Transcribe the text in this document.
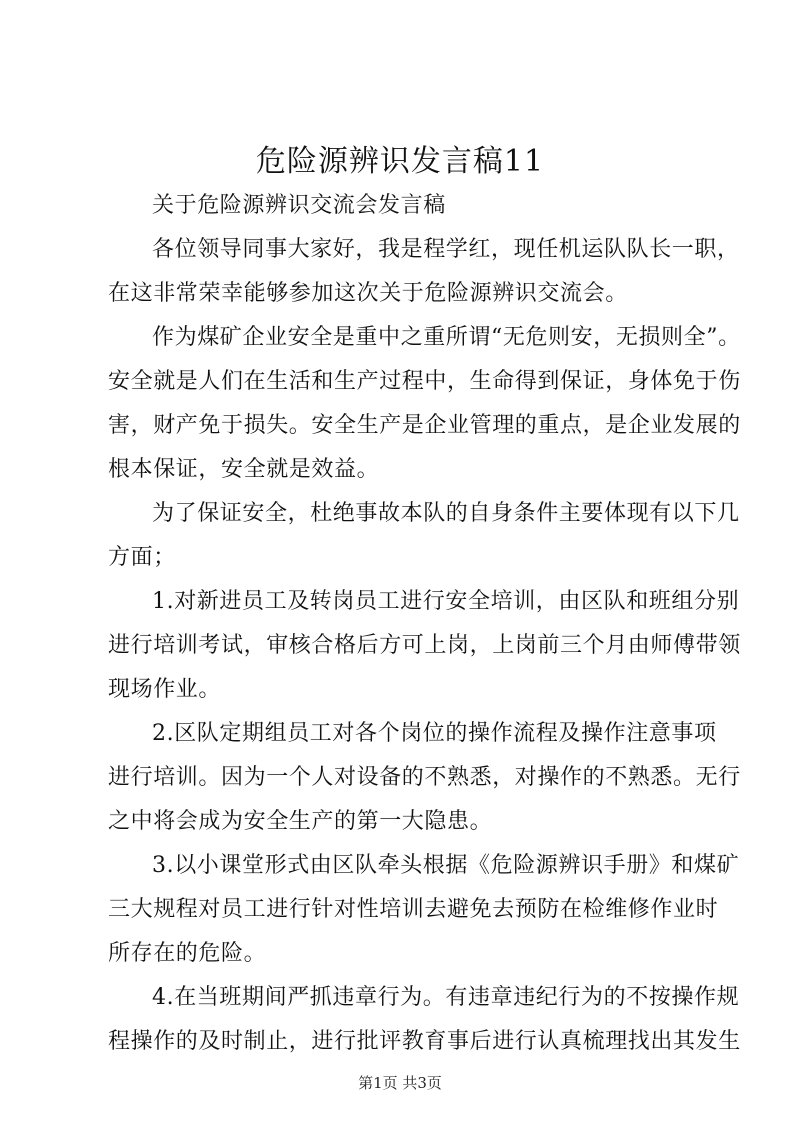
危险源辨识发言稿11

关于危险源辨识交流会发言稿

各位领导同事大家好，我是程学红，现任机运队队长一职，
在这非常荣幸能够参加这次关于危险源辨识交流会。

作为煤矿企业安全是重中之重所谓“无危则安，无损则全”。
安全就是人们在生活和生产过程中，生命得到保证，身体免于伤
害，财产免于损失。安全生产是企业管理的重点，是企业发展的
根本保证，安全就是效益。

为了保证安全，杜绝事故本队的自身条件主要体现有以下几
方面；

1.对新进员工及转岗员工进行安全培训，由区队和班组分别
进行培训考试，审核合格后方可上岗，上岗前三个月由师傅带领
现场作业。

2.区队定期组员工对各个岗位的操作流程及操作注意事项
进行培训。因为一个人对设备的不熟悉，对操作的不熟悉。无行
之中将会成为安全生产的第一大隐患。

3.以小课堂形式由区队牵头根据《危险源辨识手册》和煤矿
三大规程对员工进行针对性培训去避免去预防在检维修作业时
所存在的危险。

4.在当班期间严抓违章行为。有违章违纪行为的不按操作规
程操作的及时制止，进行批评教育事后进行认真梳理找出其发生

第1页 共3页
